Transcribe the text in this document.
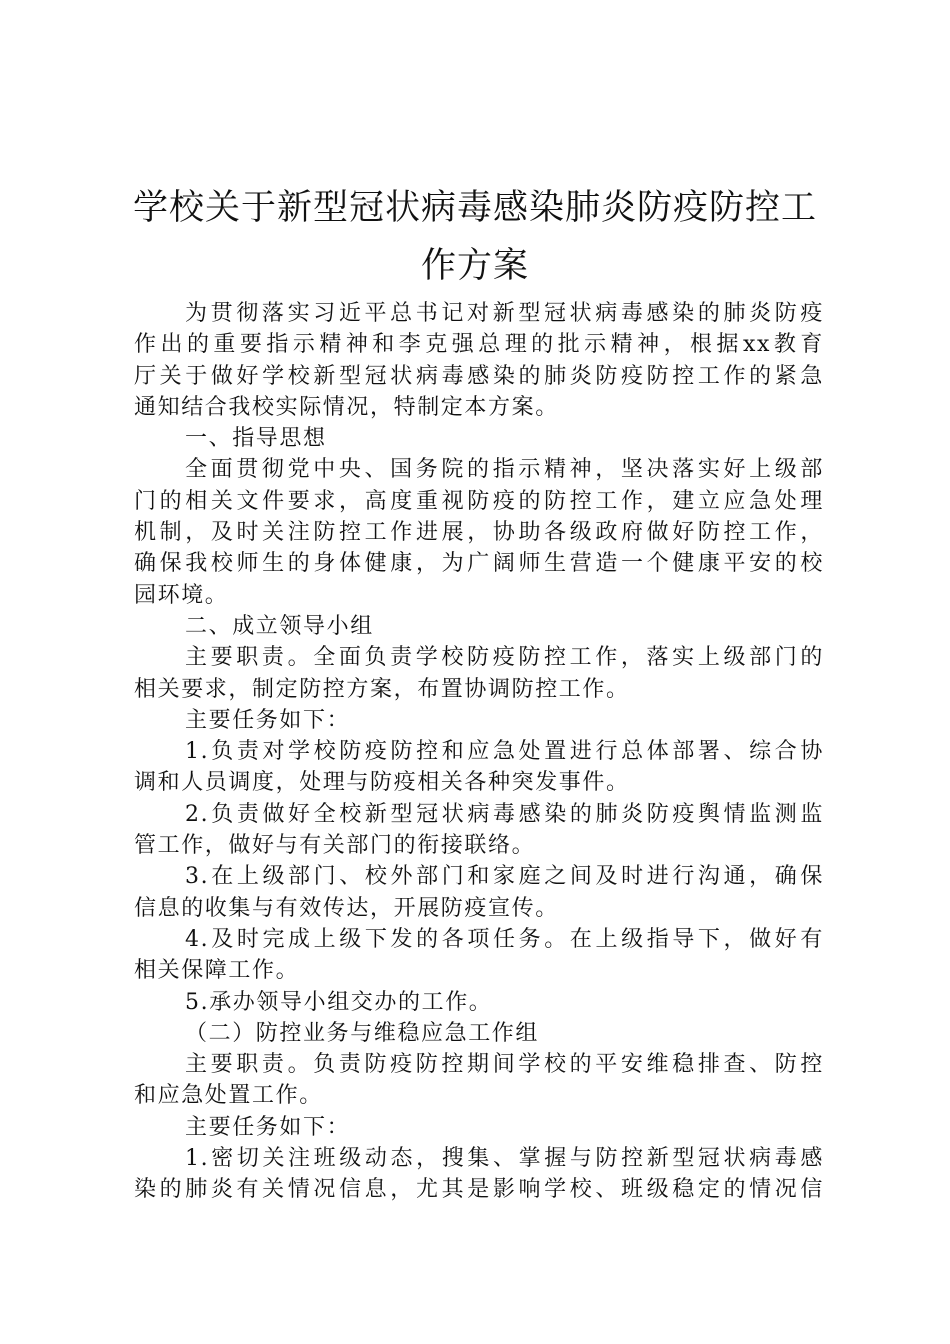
学校关于新型冠状病毒感染肺炎防疫防控工
作方案
为贯彻落实习近平总书记对新型冠状病毒感染的肺炎防疫
作出的重要指示精神和李克强总理的批示精神，根据xx教育
厅关于做好学校新型冠状病毒感染的肺炎防疫防控工作的紧急
通知结合我校实际情况，特制定本方案。
一、指导思想
全面贯彻党中央、国务院的指示精神，坚决落实好上级部
门的相关文件要求，高度重视防疫的防控工作，建立应急处理
机制，及时关注防控工作进展，协助各级政府做好防控工作，
确保我校师生的身体健康，为广阔师生营造一个健康平安的校
园环境。
二、成立领导小组
主要职责。全面负责学校防疫防控工作，落实上级部门的
相关要求，制定防控方案，布置协调防控工作。
主要任务如下：
1.负责对学校防疫防控和应急处置进行总体部署、综合协
调和人员调度，处理与防疫相关各种突发事件。
2.负责做好全校新型冠状病毒感染的肺炎防疫舆情监测监
管工作，做好与有关部门的衔接联络。
3.在上级部门、校外部门和家庭之间及时进行沟通，确保
信息的收集与有效传达，开展防疫宣传。
4.及时完成上级下发的各项任务。在上级指导下，做好有
相关保障工作。
5.承办领导小组交办的工作。
（二）防控业务与维稳应急工作组
主要职责。负责防疫防控期间学校的平安维稳排查、防控
和应急处置工作。
主要任务如下：
1.密切关注班级动态，搜集、掌握与防控新型冠状病毒感
染的肺炎有关情况信息，尤其是影响学校、班级稳定的情况信
